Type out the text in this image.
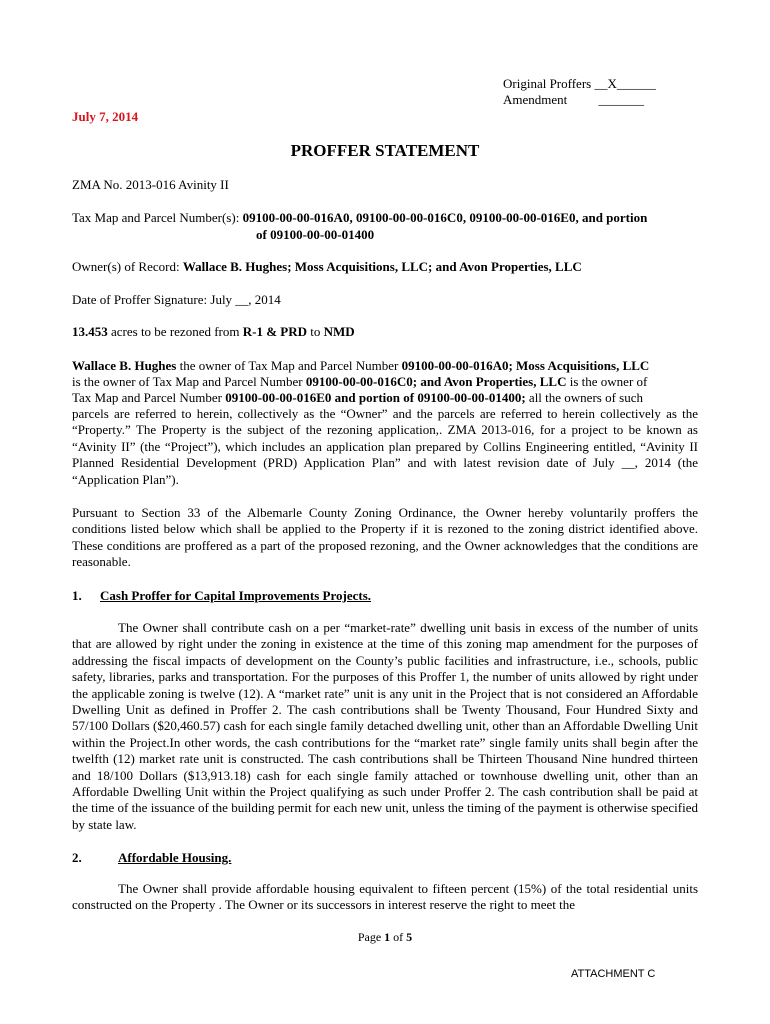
Original Proffers __X______
Amendment _______
July 7, 2014
PROFFER STATEMENT
ZMA No. 2013-016 Avinity II
Tax Map and Parcel Number(s): 09100-00-00-016A0, 09100-00-00-016C0, 09100-00-00-016E0, and portion
of 09100-00-00-01400
Owner(s) of Record: Wallace B. Hughes; Moss Acquisitions, LLC; and Avon Properties, LLC
Date of Proffer Signature: July __, 2014
13.453 acres to be rezoned from R-1 & PRD to NMD
Wallace B. Hughes the owner of Tax Map and Parcel Number 09100-00-00-016A0; Moss Acquisitions, LLC
is the owner of Tax Map and Parcel Number 09100-00-00-016C0; and Avon Properties, LLC is the owner of
Tax Map and Parcel Number 09100-00-00-016E0 and portion of 09100-00-00-01400; all the owners of such
parcels are referred to herein, collectively as the “Owner” and the parcels are referred to herein collectively as the “Property.” The Property is the subject of the rezoning application,. ZMA 2013-016, for a project to be known as “Avinity II” (the “Project”), which includes an application plan prepared by Collins Engineering entitled, “Avinity II Planned Residential Development (PRD) Application Plan” and with latest revision date of July __, 2014 (the “Application Plan”).
Pursuant to Section 33 of the Albemarle County Zoning Ordinance, the Owner hereby voluntarily proffers the conditions listed below which shall be applied to the Property if it is rezoned to the zoning district identified above. These conditions are proffered as a part of the proposed rezoning, and the Owner acknowledges that the conditions are reasonable.
1. Cash Proffer for Capital Improvements Projects.
The Owner shall contribute cash on a per “market-rate” dwelling unit basis in excess of the number of units that are allowed by right under the zoning in existence at the time of this zoning map amendment for the purposes of addressing the fiscal impacts of development on the County’s public facilities and infrastructure, i.e., schools, public safety, libraries, parks and transportation. For the purposes of this Proffer 1, the number of units allowed by right under the applicable zoning is twelve (12). A “market rate” unit is any unit in the Project that is not considered an Affordable Dwelling Unit as defined in Proffer 2. The cash contributions shall be Twenty Thousand, Four Hundred Sixty and 57/100 Dollars ($20,460.57) cash for each single family detached dwelling unit, other than an Affordable Dwelling Unit within the Project.In other words, the cash contributions for the “market rate” single family units shall begin after the twelfth (12) market rate unit is constructed. The cash contributions shall be Thirteen Thousand Nine hundred thirteen and 18/100 Dollars ($13,913.18) cash for each single family attached or townhouse dwelling unit, other than an Affordable Dwelling Unit within the Project qualifying as such under Proffer 2. The cash contribution shall be paid at the time of the issuance of the building permit for each new unit, unless the timing of the payment is otherwise specified by state law.
2.	Affordable Housing.
The Owner shall provide affordable housing equivalent to fifteen percent (15%) of the total residential units constructed on the Property . The Owner or its successors in interest reserve the right to meet the
Page 1 of 5
ATTACHMENT C
